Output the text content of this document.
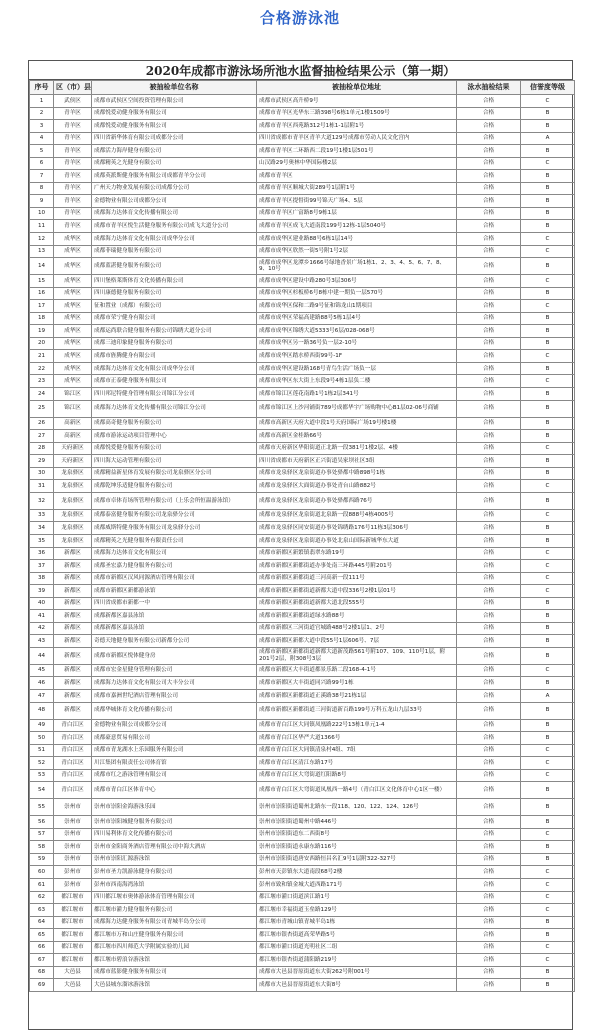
合格游泳池
2020年成都市游泳场所池水监督抽检结果公示（第一期）
序号	区（市）县	被抽检单位名称	被抽检单位地址	泳水抽检结果	信誉度等级
1	武侯区	成都市武侯区空间投资管理有限公司	成都市武侯区高升桥9号	合格	C
2	青羊区	成都悦爱动健身服务有限公司	成都市青羊区光华东三路398号6栋1单元1楼1509号	合格	B
3	青羊区	成都悦爱动健身服务有限公司	成都市青羊区西苑路312号1栋1-1层附1号	合格	B
4	青羊区	四川省新华体育有限公司成都分公司	四川省成都市青羊区青羊大道129号成都市劳动人民文化宫内	合格	A
5	青羊区	成都活力海岸健身有限公司	成都市青羊区二环路西二段19号1楼1层501号	合格	B
6	青羊区	成都精英之光健身有限公司	山汉路29号奥林中华国际楼2层	合格	C
7	青羊区	成都英派斯健身服务有限公司成都青羊分公司	成都市青羊区	合格	B
8	青羊区	广州天力物业发展有限公司成都分公司	成都市青羊区顺城大街289号1层附1号	合格	B
9	青羊区	金德物业有限公司成都分公司	成都市青羊区提督街99号锦天广场4、5层	合格	B
10	青羊区	成都海力达体育文化传播有限公司	成都市青羊区广富路8号9栋1层	合格	B
11	青羊区	成都市青羊区悦生活健身服务有限公司成飞大道分公司	成都市青羊区成飞大道南段199号12栋-1层5040号	合格	B
12	成华区	成都海力达体育文化有限公司成华分公司	成都市成华区建业路88号6栋1层14号	合格	C
13	成华区	成都菲瑞健身服务有限公司	成都市成华区欣然一街5号附1号2层	合格	C
14	成华区	成都蓝湛健身服务有限公司	成都市成华区龙潭乡1666号绿地香景广场1栋1、2、3、4、5、6、7、8、9、10号	合格	B
15	成华区	四川堡格莱斯体育文化传播有限公司	成都市成华区建设中路280号3层306号	合格	C
16	成华区	四川康德健身服务有限公司	成都市成华区杉板桥6号8栋中建一期负一层570号	合格	B
17	成华区	征和置业（成都）有限公司	成都市成华区保和二路9号征和锦龙山1期项目	合格	C
18	成华区	成都市荣宁健身有限公司	成都市成华区荣福高建路88号5栋1层4号	合格	B
19	成华区	成都运尚联合健身服务有限公司锦绣大道分公司	成都市成华区锦绣大道5333号6层/028-068号	合格	B
20	成华区	成都三迪印象健身服务有限公司	成都市成华区另一路36号负一层2-10号	合格	B
21	成华区	成都市旌腾健身有限公司	成都市成华区踏水桥西街99号-1F	合格	C
22	成华区	成都海力达体育文化有限公司成华分公司	成都市成华区建设路168号青鸟生活广场负一层	合格	B
23	成华区	成都市正泰健身服务有限公司	成都市成华区东大街上东段9号4栋1层负二楼	合格	C
24	锦江区	四川邦尼特健身管理有限公司锦江分公司	成都市锦江区莲花南路1号1栋2层341号	合格	B
25	锦江区	成都海力达体育文化传播有限公司锦江分公司	成都市锦江区上沙河铺街789号成都华宇广场购物中心B1层02-06号商铺	合格	B
26	高新区	成都高奇健身服务有限公司	成都市高新区天府大道中段1号天府国际广场19号楼1楼	合格	B
27	高新区	成都市游泳运动项目管理中心	成都市高新区金桂路66号	合格	B
28	天府新区	成都悦爱健身服务有限公司	成都市天府新区华阳街道正北路一段381号1楼2层、4楼	合格	C
29	天府新区	四川海大运动管理有限公司	四川省成都市天府新区正兴街道吴家坝社区3组	合格	B
30	龙泉驿区	成都精益新星体育发展有限公司龙泉驿区分公司	成都市龙泉驿区龙泉街道办事处驿都中路898号1栋	合格	B
31	龙泉驿区	成都乾坤乐适健身服务有限公司	成都市龙泉驿区大面街道办事处青台山路882号	合格	C
32	龙泉驿区	成都市卓体育场所管理有限公司（上乐会所恒温游泳馆）	成都市龙泉驿区龙泉街道办事处驿都西路76号	合格	B
33	龙泉驿区	成都泰富健身服务有限公司龙泉驿分公司	成都市龙泉驿区龙泉街道北泉路一段888号4栋4005号	合格	C
34	龙泉驿区	成都威斯特健身服务有限公司龙泉驿分公司	成都市龙泉驿区同安街道办事处锦绣路176号11栋3层306号	合格	B
35	龙泉驿区	成都精英之光健身服务有限责任公司	成都市龙泉驿区龙泉街道办事处北泉山国际新城华东大道	合格	B
36	新都区	成都海力达体育文化有限公司	成都市新都区新繁镇翡翠东路19号	合格	C
37	新都区	成都圣宏嘉力健身服务有限公司	成都市新都区新都街道办事处南三环路445号附201号	合格	C
38	新都区	成都市新都区汉风同源酒店管理有限公司	成都市新都区新都街道三河高新一段111号	合格	C
39	新都区	成都市新都区新都游泳馆	成都市新都区新都街道新都大道中段336号2楼1层01号	合格	C
40	新都区	四川省成都市新都一中	成都市新都区新都街道新都大道北段555号	合格	B
41	新都区	成都新都区嘉县泳馆	成都市新都区新都街道绿水路88号	合格	B
42	新都区	成都新都区嘉县泳馆	成都市新都区三河街道官城路488号2楼1层1、2号	合格	B
43	新都区	奇德天地健身服务有限公司新都分公司	成都市新都区新都大道中段55号1层606号、7层	合格	B
44	新都区	成都市新都区悦体健身房	成都市新都区新都街道新都大道新茂路561号附107、109、110号1层，附201号2层，附308号3层	合格	B
45	新都区	成都市宏金星健身管理有限公司	成都市新都区大丰街道都景乐路二段168-4-1号	合格	C
46	新都区	成都海力达体育文化有限公司大丰分公司	成都市新都区大丰街道同兴路99号1栋	合格	B
47	新都区	成都市嘉洲世纪酒店管理有限公司	成都市新都区新都街道正溪路38号21栋1层	合格	A
48	新都区	成都华城体育文化传播有限公司	成都市新都区新都街道三河街道新百路199号万科五龙山九层33号	合格	B
49	青白江区	金德物业有限公司成都分公司	成都市青白江区大同镇凤凰路222号13栋1单元1-4	合格	B
50	青白江区	成都豪意贸易有限公司	成都市青白江区华严大道1366号	合格	B
51	青白江区	成都市青龙湖水上乐园服务有限公司	成都市青白江区大同镇清泉村4组、7组	合格	C
52	青白江区	川江集团有限责任公司体育馆	成都市青白江区清江东路17号	合格	C
53	青白江区	成都市红之游泳管理有限公司	成都市青白江区大弯街道红阳路8号	合格	C
54	青白江区	成都市青白江区体育中心	成都市青白江区大弯街道凤凰西一路4号（青白江区文化体育中心1区一楼）	合格	B
55	崇州市	崇州市崇阳金海游泳乐园	崇州市崇阳街道蜀州北路东一段118、120、122、124、126号	合格	B
56	崇州市	崇州市崇阳城健身服务有限公司	崇州市崇阳街道蜀州中路446号	合格	B
57	崇州市	四川易利体育文化传播有限公司	崇州市崇阳街道东二西街8号	合格	C
58	崇州市	崇州市金阳商务酒店管理有限公司中海大酒店	崇州市崇阳街道永康东路116号	合格	B
59	崇州市	崇州市崇阳汇源游泳馆	崇州市崇阳街道唐安西路恒昌名汇9号1层附322-327号	合格	B
60	彭州市	彭州市圣力凯游泳健身有限公司	彭州市天彭镇东大道南段68号2楼	合格	C
61	彭州市	彭州市西南海湾泳馆	彭州市致和镇金城大道西路171号	合格	C
62	都江堰市	四川都江堰市奥体游泳体育管理有限公司	都江堰市灌口街道滨江路1号	合格	C
63	都江堰市	都江堰市灌力健身服务有限公司	都江堰市幸福街道玉垒路129号	合格	C
64	都江堰市	成都海力达健身服务有限公司青城半岛分公司	都江堰市青城山镇青城半岛1栋	合格	B
65	都江堰市	都江堰市万和山庄健身服务有限公司	都江堰市银杏街道高荣华路5号	合格	B
66	都江堰市	都江堰市四川师范大学附属实验幼儿园	都江堰市灌口街道光明社区二组	合格	C
67	都江堰市	都江堰市碧浪谷游泳馆	都江堰市银杏街道蒲阳路219号	合格	C
68	大邑县	成都市蓝影健身服务有限公司	成都市大邑县晋原街道东大街262号附001号	合格	B
69	大邑县	大邑县城东溜冰游泳馆	成都市大邑县晋原街道东大街8号	合格	B
